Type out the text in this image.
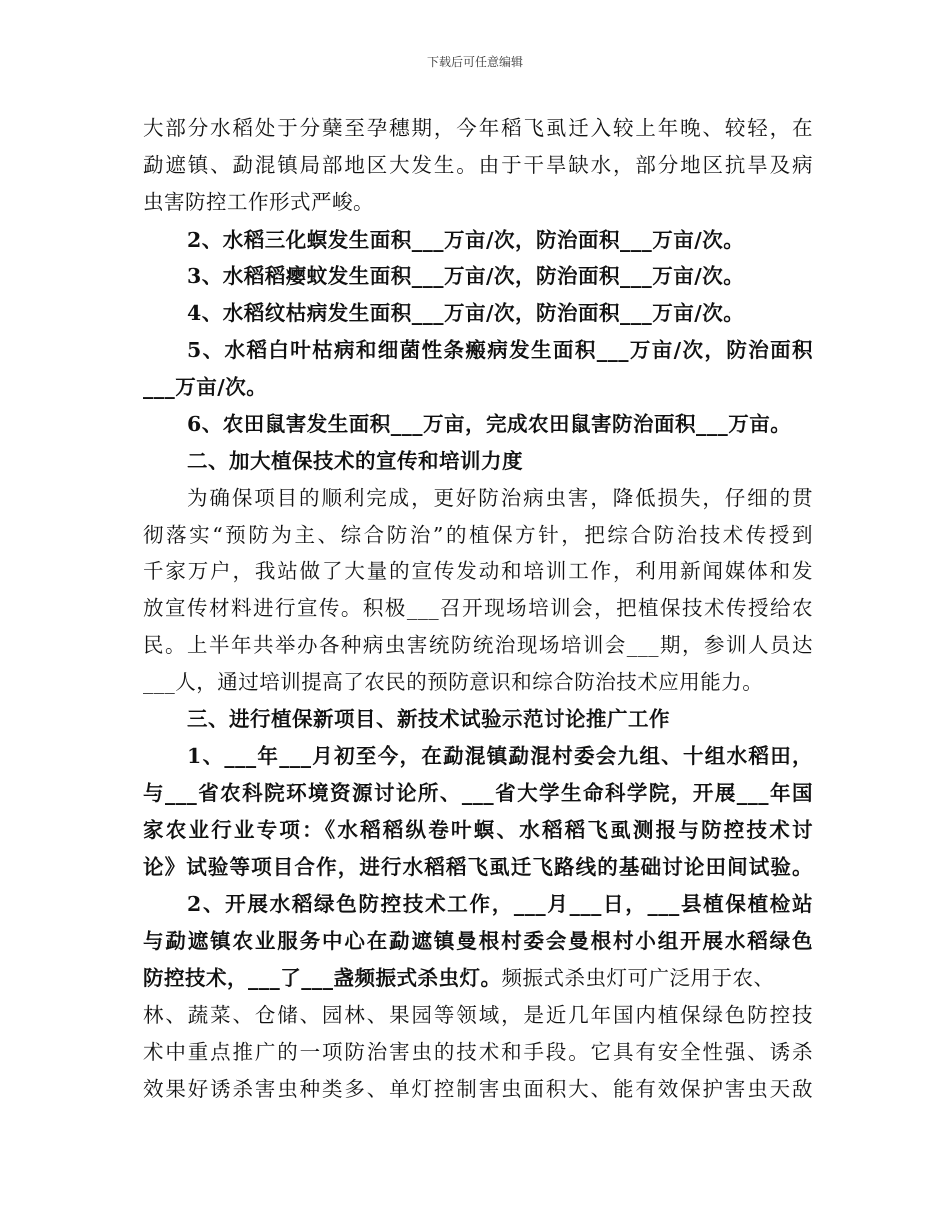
下载后可任意编辑
大部分水稻处于分蘖至孕穗期，今年稻飞虱迁入较上年晚、较轻，在
勐遮镇、勐混镇局部地区大发生。由于干旱缺水，部分地区抗旱及病
虫害防控工作形式严峻。
2、水稻三化螟发生面积___万亩/次，防治面积___万亩/次。
3、水稻稻瘿蚊发生面积___万亩/次，防治面积___万亩/次。
4、水稻纹枯病发生面积___万亩/次，防治面积___万亩/次。
5、水稻白叶枯病和细菌性条瘢病发生面积___万亩/次，防治面积
___万亩/次。
6、农田鼠害发生面积___万亩，完成农田鼠害防治面积___万亩。
二、加大植保技术的宣传和培训力度
为确保项目的顺利完成，更好防治病虫害，降低损失，仔细的贯
彻落实“预防为主、综合防治”的植保方针，把综合防治技术传授到
千家万户，我站做了大量的宣传发动和培训工作，利用新闻媒体和发
放宣传材料进行宣传。积极___召开现场培训会，把植保技术传授给农
民。上半年共举办各种病虫害统防统治现场培训会___期，参训人员达
___人，通过培训提高了农民的预防意识和综合防治技术应用能力。
三、进行植保新项目、新技术试验示范讨论推广工作
1、___年___月初至今，在勐混镇勐混村委会九组、十组水稻田，
与___省农科院环境资源讨论所、___省大学生命科学院，开展___年国
家农业行业专项：《水稻稻纵卷叶螟、水稻稻飞虱测报与防控技术讨
论》试验等项目合作，进行水稻稻飞虱迁飞路线的基础讨论田间试验。
2、开展水稻绿色防控技术工作，___月___日，___县植保植检站
与勐遮镇农业服务中心在勐遮镇曼根村委会曼根村小组开展水稻绿色
防控技术，___了___盏频振式杀虫灯。频振式杀虫灯可广泛用于农、
林、蔬菜、仓储、园林、果园等领域，是近几年国内植保绿色防控技
术中重点推广的一项防治害虫的技术和手段。它具有安全性强、诱杀
效果好诱杀害虫种类多、单灯控制害虫面积大、能有效保护害虫天敌
